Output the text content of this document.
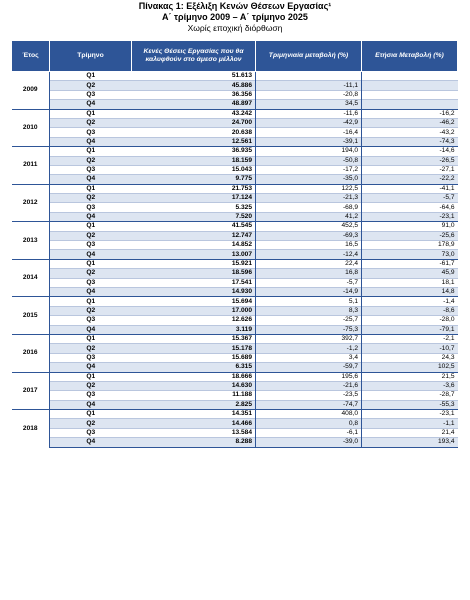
Πίνακας 1: Εξέλιξη Κενών Θέσεων Εργασίας¹
Α΄ τρίμηνο 2009 – Α΄ τρίμηνο 2025
Χωρίς εποχική διόρθωση
Έτος	Τρίμηνο	Κενές Θέσεις Εργασίας που θα καλυφθούν στο άμεσο μέλλον	Τριμηνιαία μεταβολή (%)	Ετήσια Μεταβολή (%)
2009	Q1	51.613		
	Q2	45.886	-11,1	
	Q3	36.356	-20,8	
	Q4	48.897	34,5	
2010	Q1	43.242	-11,6	-16,2
	Q2	24.700	-42,9	-46,2
	Q3	20.638	-16,4	-43,2
	Q4	12.561	-39,1	-74,3
2011	Q1	36.935	194,0	-14,6
	Q2	18.159	-50,8	-26,5
	Q3	15.043	-17,2	-27,1
	Q4	9.775	-35,0	-22,2
2012	Q1	21.753	122,5	-41,1
	Q2	17.124	-21,3	-5,7
	Q3	5.325	-68,9	-64,6
	Q4	7.520	41,2	-23,1
2013	Q1	41.545	452,5	91,0
	Q2	12.747	-69,3	-25,6
	Q3	14.852	16,5	178,9
	Q4	13.007	-12,4	73,0
2014	Q1	15.921	22,4	-61,7
	Q2	18.596	16,8	45,9
	Q3	17.541	-5,7	18,1
	Q4	14.930	-14,9	14,8
2015	Q1	15.694	5,1	-1,4
	Q2	17.000	8,3	-8,6
	Q3	12.626	-25,7	-28,0
	Q4	3.119	-75,3	-79,1
2016	Q1	15.367	392,7	-2,1
	Q2	15.178	-1,2	-10,7
	Q3	15.689	3,4	24,3
	Q4	6.315	-59,7	102,5
2017	Q1	18.666	195,6	21,5
	Q2	14.630	-21,6	-3,6
	Q3	11.188	-23,5	-28,7
	Q4	2.825	-74,7	-55,3
2018	Q1	14.351	408,0	-23,1
	Q2	14.466	0,8	-1,1
	Q3	13.584	-6,1	21,4
	Q4	8.288	-39,0	193,4
